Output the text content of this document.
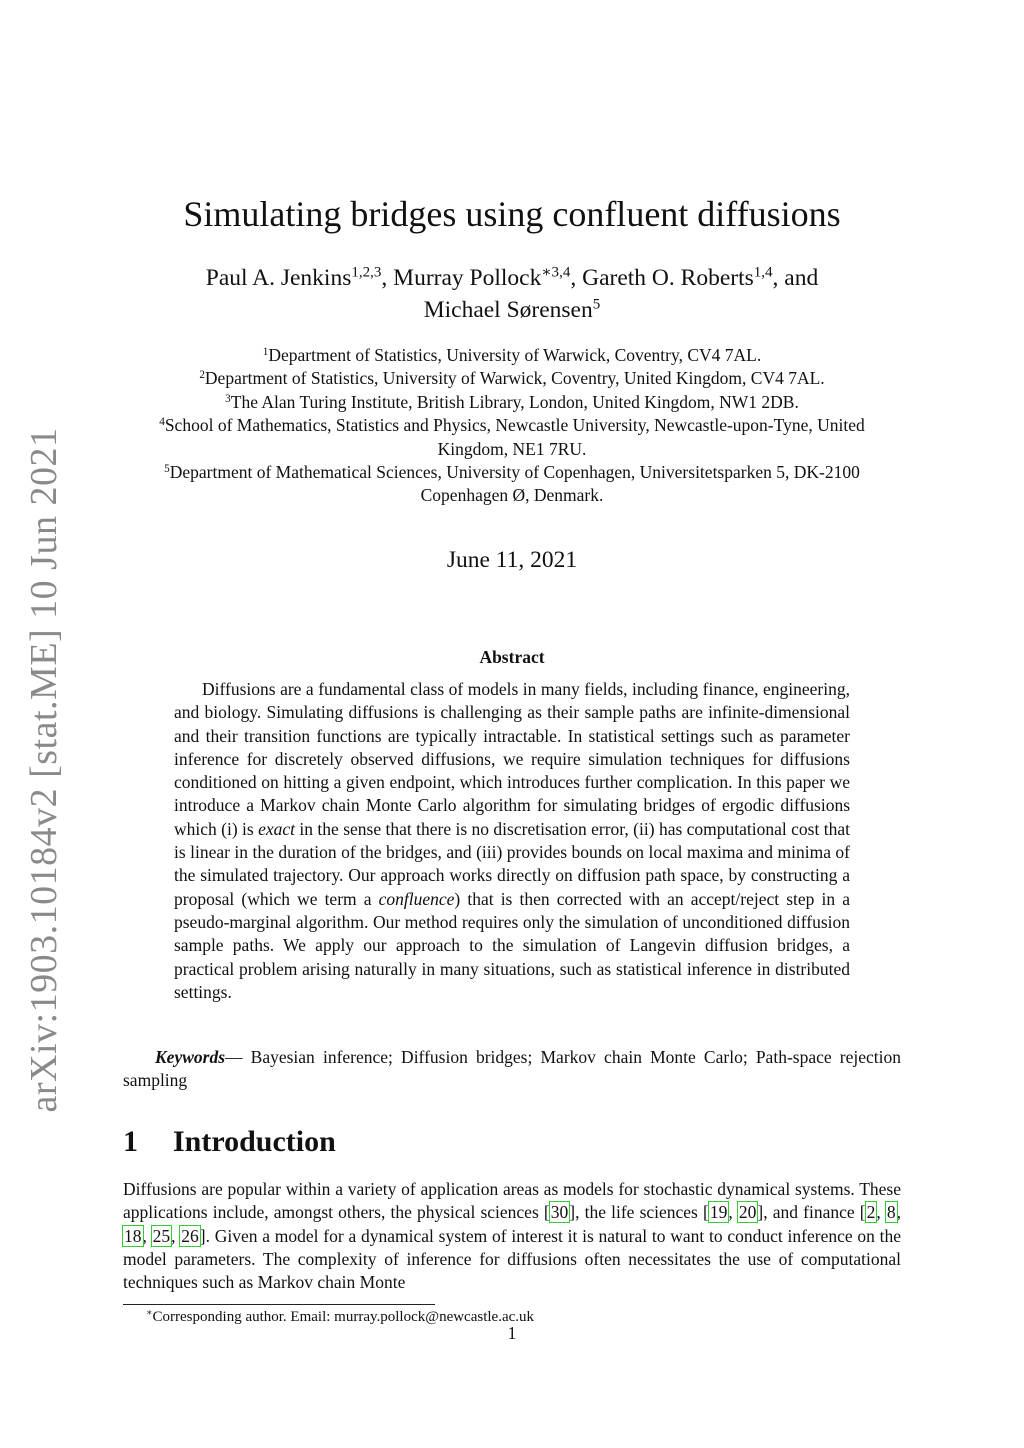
arXiv:1903.10184v2 [stat.ME] 10 Jun 2021
Simulating bridges using confluent diffusions
Paul A. Jenkins$^{1,2,3}$, Murray Pollock$^{∗3,4}$, Gareth O. Roberts$^{1,4}$, and
Michael Sørensen$^5$
$^1$Department of Statistics, University of Warwick, Coventry, CV4 7AL.
$^2$Department of Statistics, University of Warwick, Coventry, United Kingdom, CV4 7AL.
$^3$The Alan Turing Institute, British Library, London, United Kingdom, NW1 2DB.
$^4$School of Mathematics, Statistics and Physics, Newcastle University, Newcastle-upon-Tyne, United Kingdom, NE1 7RU.
$^5$Department of Mathematical Sciences, University of Copenhagen, Universitetsparken 5, DK-2100 Copenhagen Ø, Denmark.
June 11, 2021
Abstract
Diffusions are a fundamental class of models in many fields, including finance, engineering, and biology. Simulating diffusions is challenging as their sample paths are infinite-dimensional and their transition functions are typically intractable. In statistical settings such as parameter inference for discretely observed diffusions, we require simulation techniques for diffusions conditioned on hitting a given endpoint, which introduces further complication. In this paper we introduce a Markov chain Monte Carlo algorithm for simulating bridges of ergodic diffusions which (i) is exact in the sense that there is no discretisation error, (ii) has computational cost that is linear in the duration of the bridges, and (iii) provides bounds on local maxima and minima of the simulated trajectory. Our approach works directly on diffusion path space, by constructing a proposal (which we term a confluence) that is then corrected with an accept/reject step in a pseudo-marginal algorithm. Our method requires only the simulation of unconditioned diffusion sample paths. We apply our approach to the simulation of Langevin diffusion bridges, a practical problem arising naturally in many situations, such as statistical inference in distributed settings.
Keywords— Bayesian inference; Diffusion bridges; Markov chain Monte Carlo; Path-space rejection sampling
1 Introduction
Diffusions are popular within a variety of application areas as models for stochastic dynamical systems. These applications include, amongst others, the physical sciences [30], the life sciences [19, 20], and finance [2, 8, 18, 25, 26]. Given a model for a dynamical system of interest it is natural to want to conduct inference on the model parameters. The complexity of inference for diffusions often necessitates the use of computational techniques such as Markov chain Monte
∗Corresponding author. Email: murray.pollock@newcastle.ac.uk
1
